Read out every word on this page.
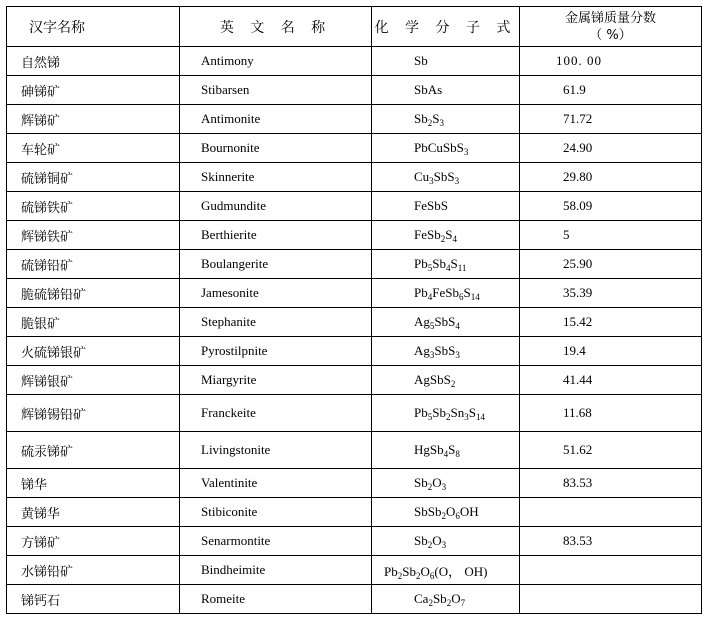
汉字名称	英 文 名 称	化 学 分 子 式	金属锑质量分数
（ %）

自然锑	Antimony	Sb	100. 00
砷锑矿	Stibarsen	SbAs	61.9
辉锑矿	Antimonite	$Sb_2S_3$	71.72
车轮矿	Bournonite	PbCuSbS$_3$	24.90
硫锑铜矿	Skinnerite	$Cu_3SbS_3$	29.80
硫锑铁矿	Gudmundite	FeSbS	58.09
辉锑铁矿	Berthierite	$FeSb_2S_4$	5
硫锑铅矿	Boulangerite	$Pb_5Sb_4S_{11}$	25.90
脆硫锑铅矿	Jamesonite	$Pb_4FeSb_6S_{14}$	35.39
脆银矿	Stephanite	$Ag_5SbS_4$	15.42
火硫锑银矿	Pyrostilpnite	$Ag_3SbS_3$	19.4
辉锑银矿	Miargyrite	AgSbS$_2$	41.44
辉锑锡铅矿	Franckeite	$Pb_5Sb_2Sn_3S_{14}$	11.68
硫汞锑矿	Livingstonite	$HgSb_4S_8$	51.62
锑华	Valentinite	$Sb_2O_3$	83.53
黄锑华	Stibiconite	$SbSb_2O_6OH$	
方锑矿	Senarmontite	$Sb_2O_3$	83.53
水锑铅矿	Bindheimite	$Pb_2Sb_2O_6(O$， OH)	
锑钙石	Romeite	$Ca_2Sb_2O_7$	
